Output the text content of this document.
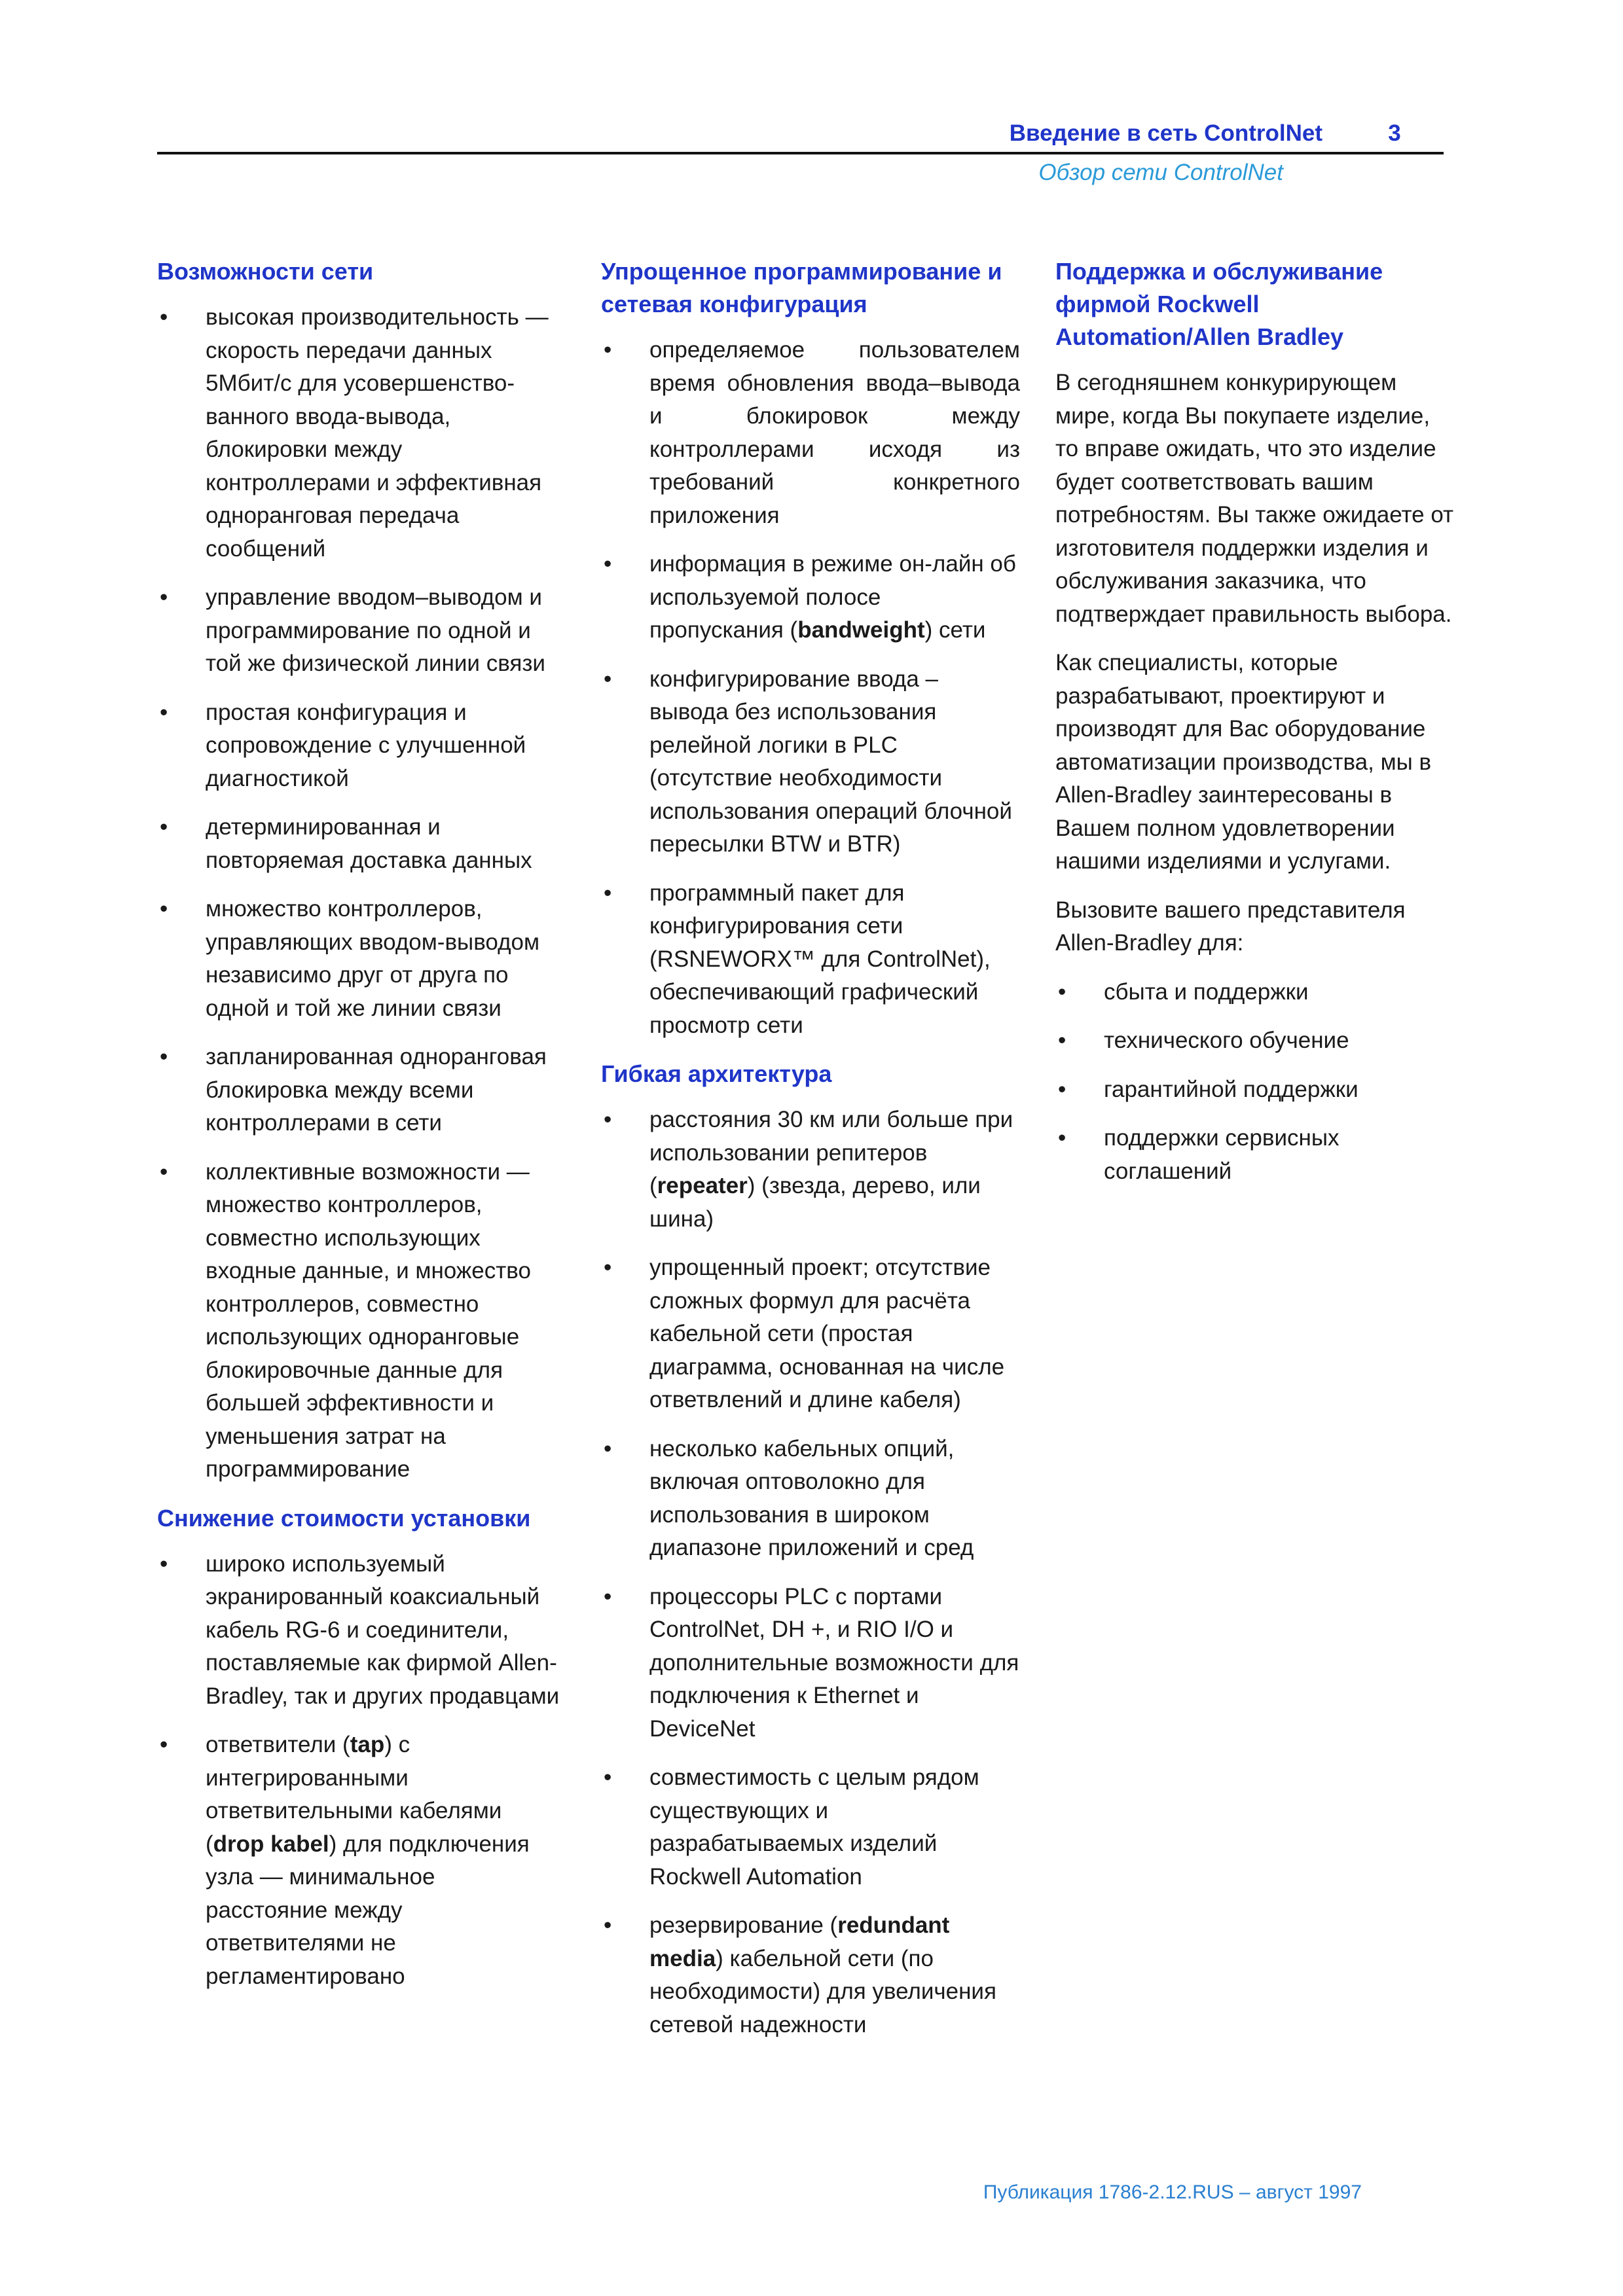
Введение в сеть ControlNet	3
Обзор сети ControlNet
Возможности сети
• высокая производительность —скорость передачи данных 5Мбит/с для усовершенство-ванного ввода-вывода, блокировки между контроллерами и эффективная одноранговая передача сообщений
• управление вводом–выводом и программирование по одной и той же физической линии связи
• простая конфигурация и сопровождение с улучшенной диагностикой
• детерминированная и повторяемая доставка данных
• множество контроллеров, управляющих вводом-выводом независимо друг от друга по одной и той же линии связи
• запланированная одноранговая блокировка между всеми контроллерами в сети
• коллективные возможности — множество контроллеров, совместно использующих входные данные, и множество контроллеров, совместно использующих одноранговые блокировочные данные для большей эффективности и уменьшения затрат на программирование
Снижение стоимости установки
• широко используемый экранированный коаксиальный кабель RG-6 и соединители, поставляемые как фирмой Allen-Bradley, так и других продавцами
• ответвители (tap) с интегрированными ответвительными кабелями (drop kabel) для подключения узла — минимальное расстояние между ответвителями не регламентировано
Упрощенное программирование и сетевая конфигурация
• определяемое пользователем время обновления ввода–вывода и блокировок между контроллерами исходя из требований конкретного приложения
• информация в режиме он-лайн об используемой полосе пропускания (bandweight) сети
• конфигурирование ввода – вывода без использования релейной логики в PLC (отсутствие необходимости использования операций блочной пересылки BTW и BTR)
• программный пакет для конфигурирования сети (RSNEWORX™ для ControlNet), обеспечивающий графический просмотр сети
Гибкая архитектура
• расстояния 30 км или больше при использовании репитеров (repeater) (звезда, дерево, или шина)
• упрощенный проект; отсутствие сложных формул для расчёта кабельной сети (простая диаграмма, основанная на числе ответвлений и длине кабеля)
• несколько кабельных опций, включая оптоволокно для использования в широком диапазоне приложений и сред
• процессоры PLC с портами ControlNet, DH +, и RIO I/O и дополнительные возможности для подключения к Ethernet и DeviceNet
• совместимость с целым рядом существующих и разрабатываемых изделий Rockwell Automation
• резервирование (redundant media) кабельной сети (по необходимости) для увеличения сетевой надежности
Поддержка и обслуживание фирмой Rockwell Automation/Allen Bradley

В сегодняшнем конкурирующем мире, когда Вы покупаете изделие, то вправе ожидать, что это изделие будет соответствовать вашим потребностям. Вы также ожидаете от изготовителя поддержки изделия и обслуживания заказчика, что подтверждает правильность выбора.

Как специалисты, которые разрабатывают, проектируют и производят для Вас оборудование автоматизации производства, мы в Allen-Bradley заинтересованы в Вашем полном удовлетворении нашими изделиями и услугами.

Вызовите вашего представителя Allen-Bradley для:

• сбыта и поддержки
• технического обучение
• гарантийной поддержки
• поддержки сервисных соглашений
Публикация 1786-2.12.RUS – август 1997
